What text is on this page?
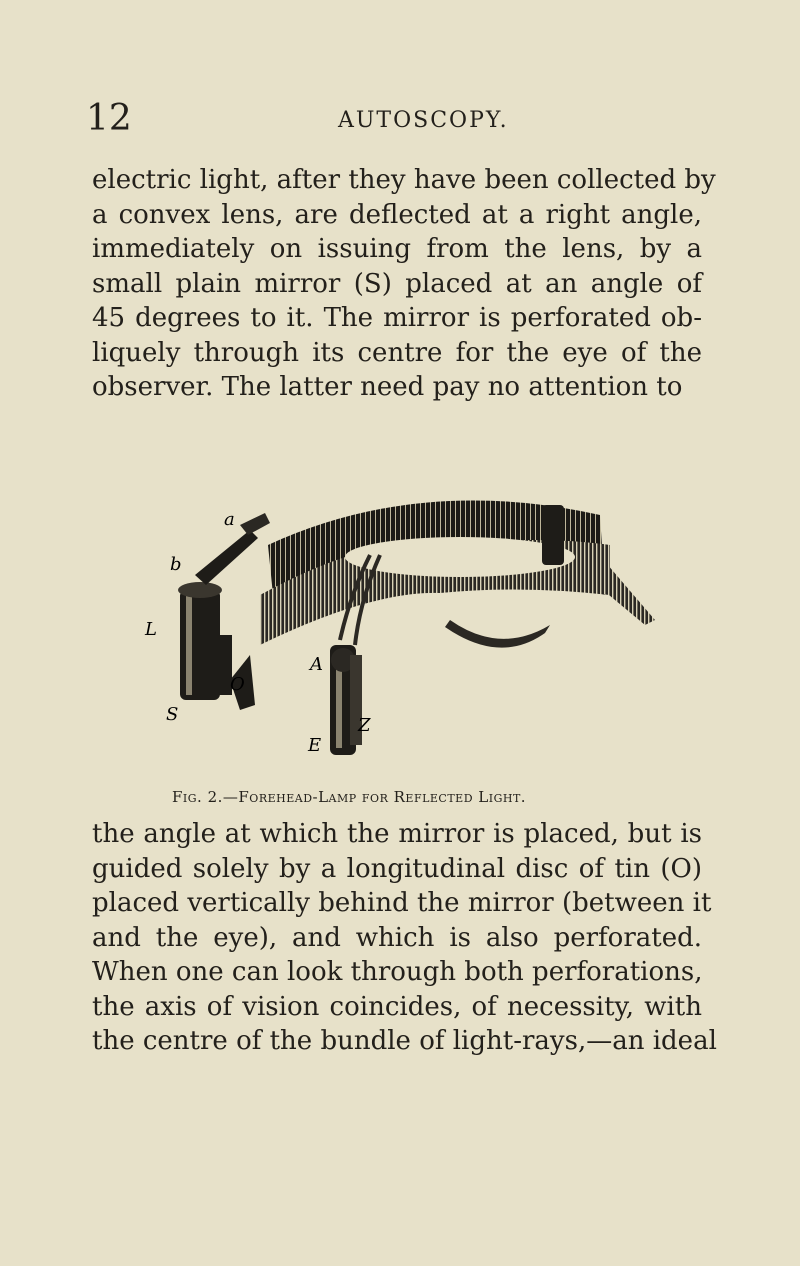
12	AUTOSCOPY.
electric light, after they have been collected by
a convex lens, are deflected at a right angle,
immediately on issuing from the lens, by a
small plain mirror (S) placed at an angle of
45 degrees to it. The mirror is perforated ob-
liquely through its centre for the eye of the
observer. The latter need pay no attention to
a
b
L
O
S
A
E
Z
Fig. 2.—Forehead-Lamp for Reflected Light.
the angle at which the mirror is placed, but is
guided solely by a longitudinal disc of tin (O)
placed vertically behind the mirror (between it
and the eye), and which is also perforated.
When one can look through both perforations,
the axis of vision coincides, of necessity, with
the centre of the bundle of light-rays,—an ideal
